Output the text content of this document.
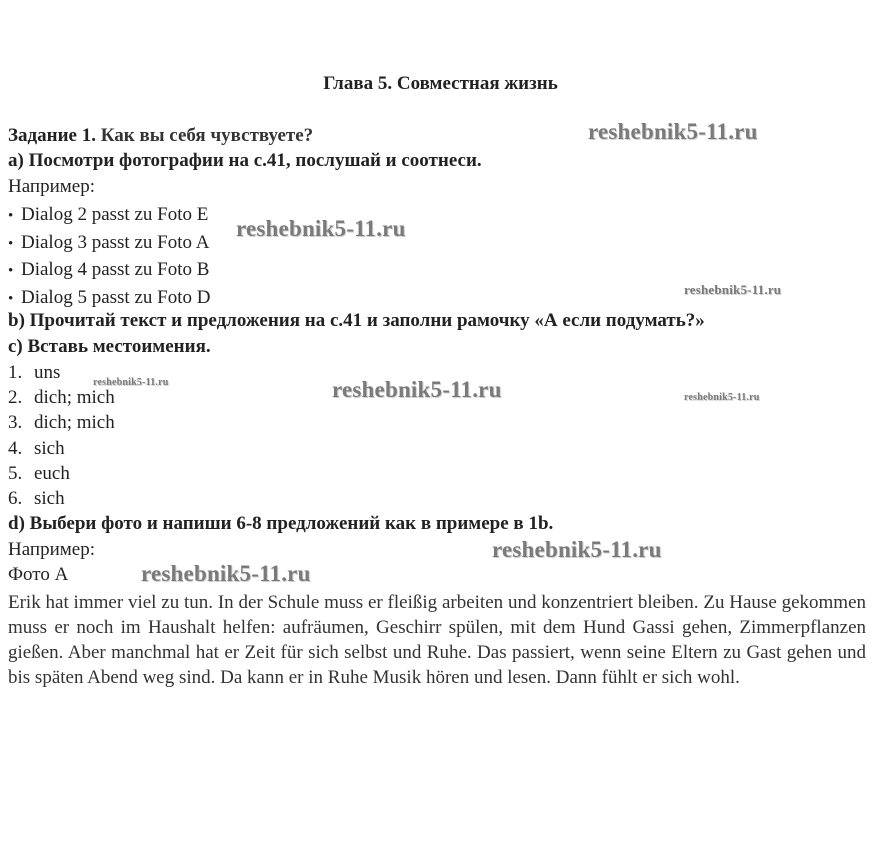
Глава 5. Совместная жизнь
Задание 1. Как вы себя чувствуете?
a) Посмотри фотографии на с.41, послушай и соотнеси.
Например:
• Dialog 2 passt zu Foto E
• Dialog 3 passt zu Foto A
• Dialog 4 passt zu Foto B
• Dialog 5 passt zu Foto D
b) Прочитай текст и предложения на с.41 и заполни рамочку «А если подумать?»
c) Вставь местоимения.
1. uns
2. dich; mich
3. dich; mich
4. sich
5. euch
6. sich
d) Выбери фото и напиши 6-8 предложений как в примере в 1b.
Например:
Фото A
Erik hat immer viel zu tun. In der Schule muss er fleißig arbeiten und konzentriert bleiben. Zu Hause gekommen muss er noch im Haushalt helfen: aufräumen, Geschirr spülen, mit dem Hund Gassi gehen, Zimmerpflanzen gießen. Aber manchmal hat er Zeit für sich selbst und Ruhe. Das passiert, wenn seine Eltern zu Gast gehen und bis späten Abend weg sind. Da kann er in Ruhe Musik hören und lesen. Dann fühlt er sich wohl.
reshebnik5-11.ru
reshebnik5-11.ru
reshebnik5-11.ru
reshebnik5-11.ru	reshebnik5-11.ru	reshebnik5-11.ru
reshebnik5-11.ru
reshebnik5-11.ru
